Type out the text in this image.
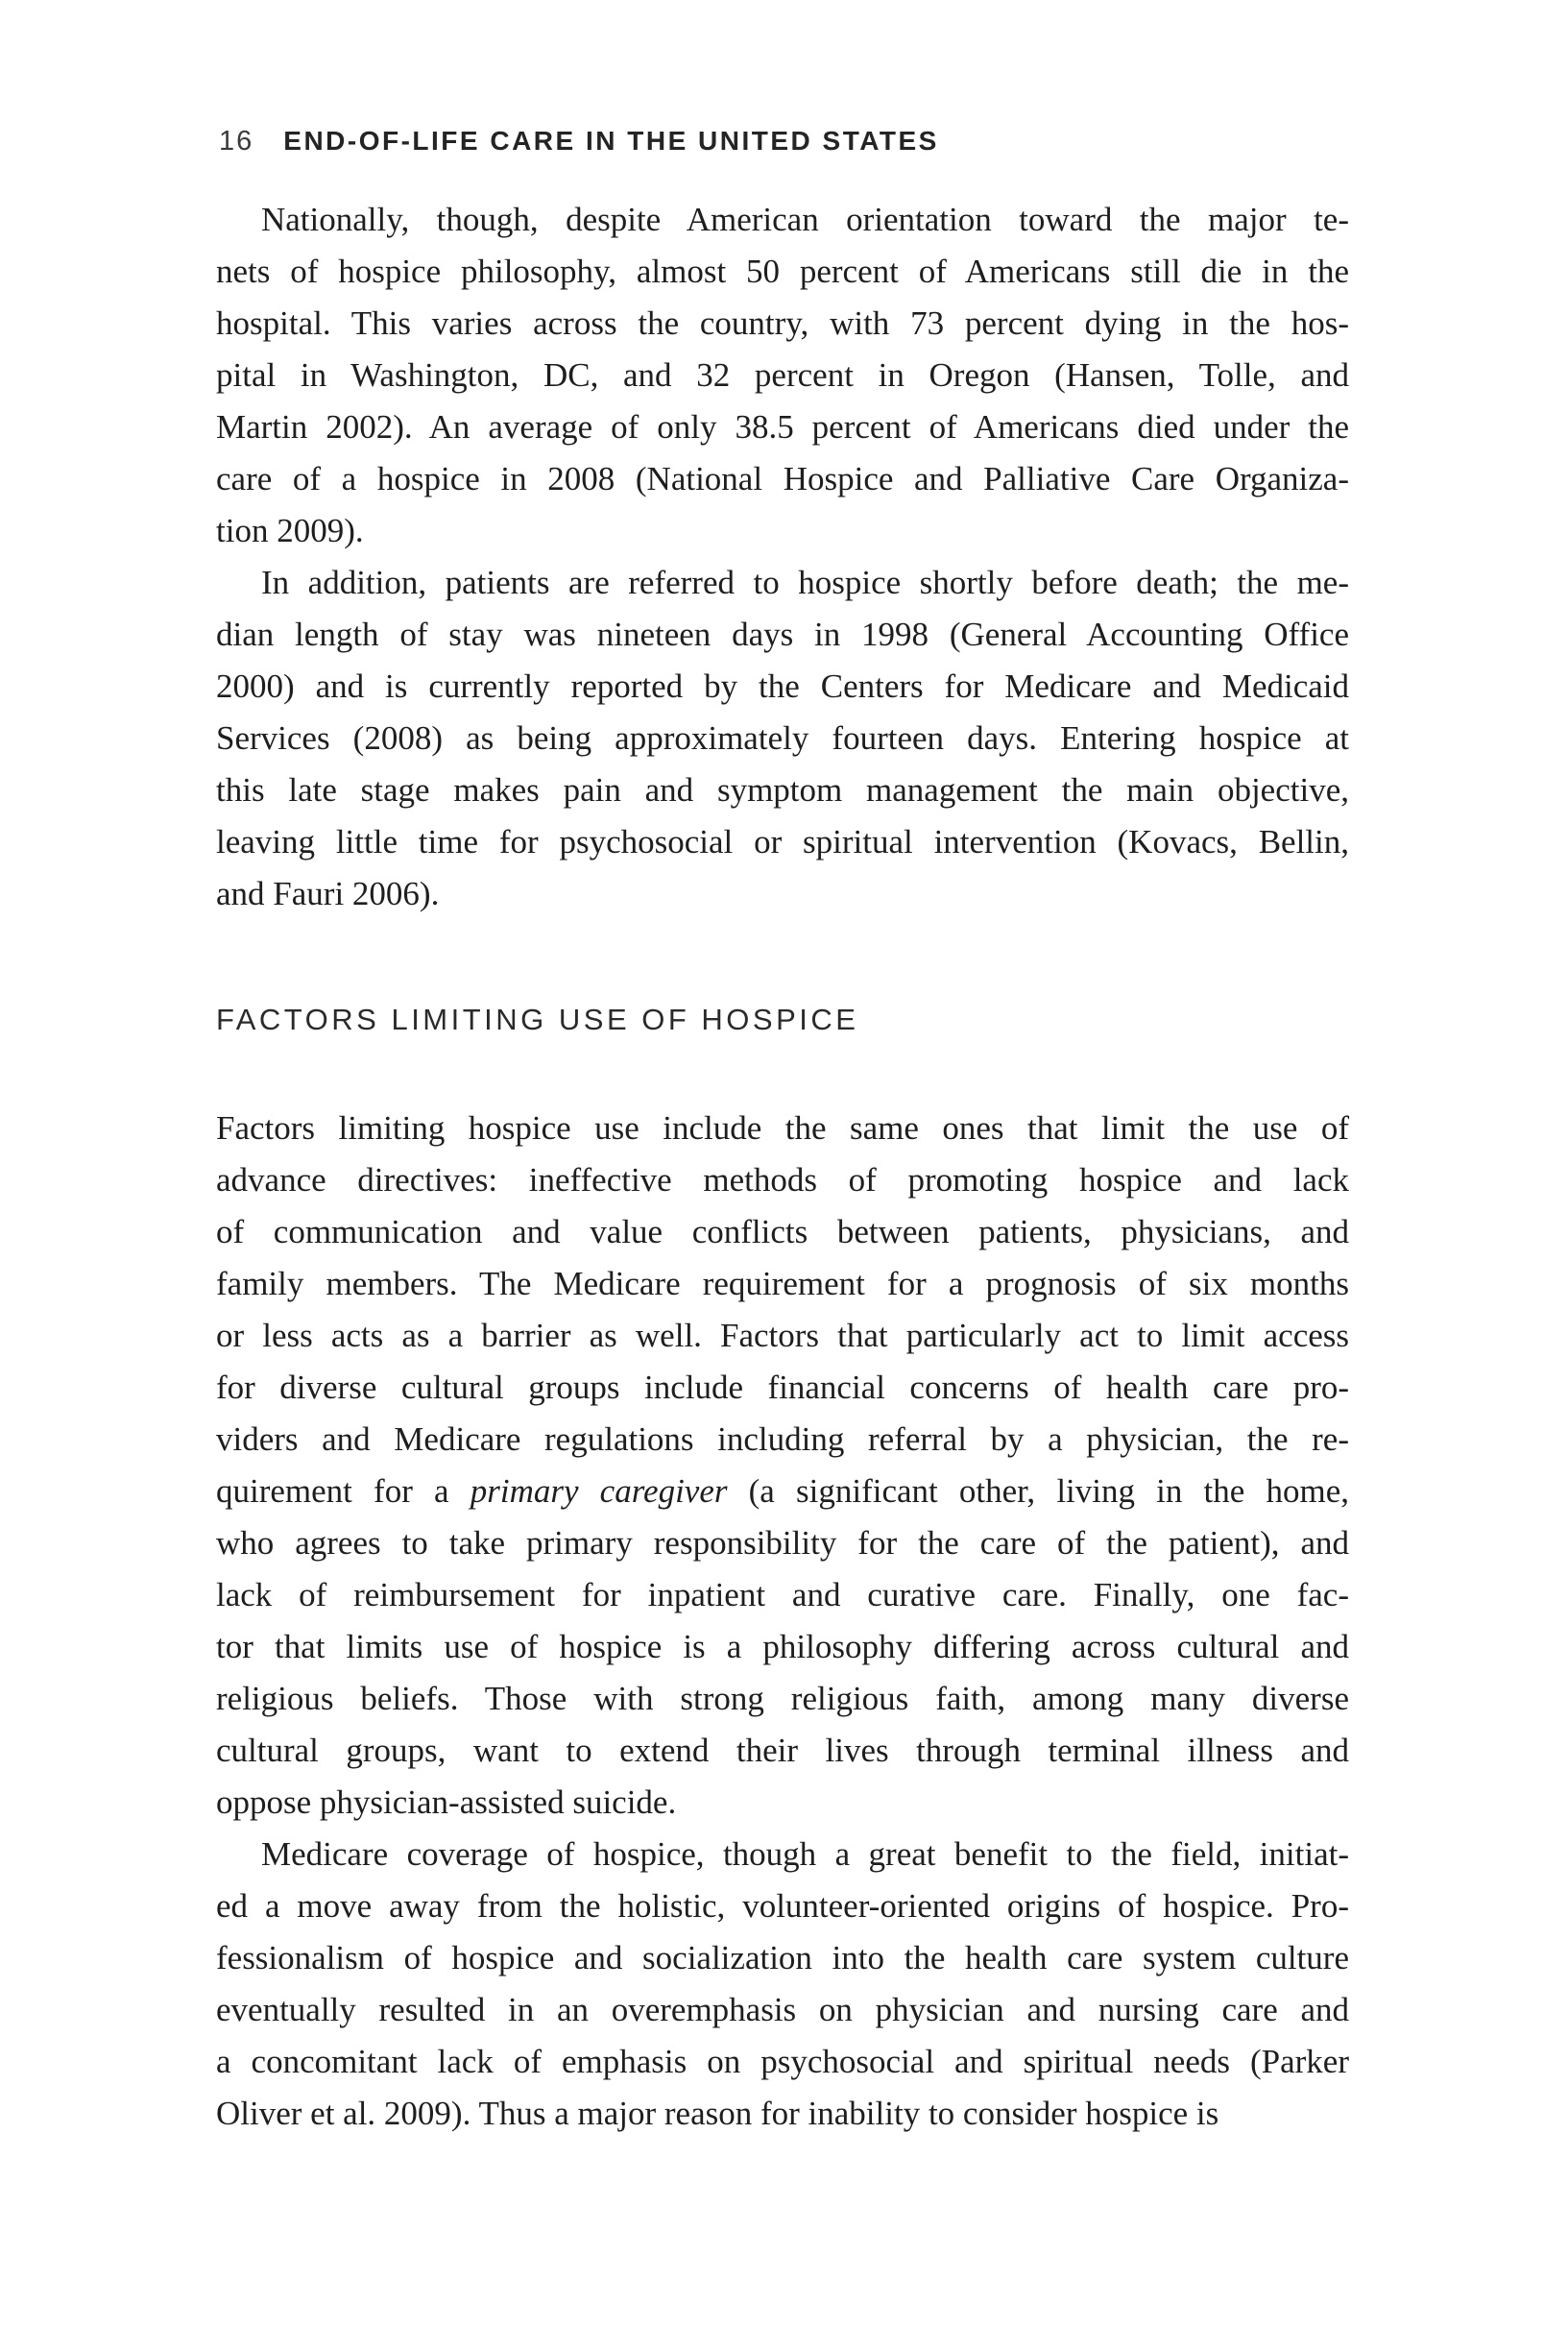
16 END-OF-LIFE CARE IN THE UNITED STATES
Nationally, though, despite American orientation toward the major te-
nets of hospice philosophy, almost 50 percent of Americans still die in the
hospital. This varies across the country, with 73 percent dying in the hos-
pital in Washington, DC, and 32 percent in Oregon (Hansen, Tolle, and
Martin 2002). An average of only 38.5 percent of Americans died under the
care of a hospice in 2008 (National Hospice and Palliative Care Organiza-
tion 2009).
In addition, patients are referred to hospice shortly before death; the me-
dian length of stay was nineteen days in 1998 (General Accounting Office
2000) and is currently reported by the Centers for Medicare and Medicaid
Services (2008) as being approximately fourteen days. Entering hospice at
this late stage makes pain and symptom management the main objective,
leaving little time for psychosocial or spiritual intervention (Kovacs, Bellin,
and Fauri 2006).
FACTORS LIMITING USE OF HOSPICE
Factors limiting hospice use include the same ones that limit the use of
advance directives: ineffective methods of promoting hospice and lack
of communication and value conflicts between patients, physicians, and
family members. The Medicare requirement for a prognosis of six months
or less acts as a barrier as well. Factors that particularly act to limit access
for diverse cultural groups include financial concerns of health care pro-
viders and Medicare regulations including referral by a physician, the re-
quirement for a primary caregiver (a significant other, living in the home,
who agrees to take primary responsibility for the care of the patient), and
lack of reimbursement for inpatient and curative care. Finally, one fac-
tor that limits use of hospice is a philosophy differing across cultural and
religious beliefs. Those with strong religious faith, among many diverse
cultural groups, want to extend their lives through terminal illness and
oppose physician-assisted suicide.
Medicare coverage of hospice, though a great benefit to the field, initiat-
ed a move away from the holistic, volunteer-oriented origins of hospice. Pro-
fessionalism of hospice and socialization into the health care system culture
eventually resulted in an overemphasis on physician and nursing care and
a concomitant lack of emphasis on psychosocial and spiritual needs (Parker
Oliver et al. 2009). Thus a major reason for inability to consider hospice is
